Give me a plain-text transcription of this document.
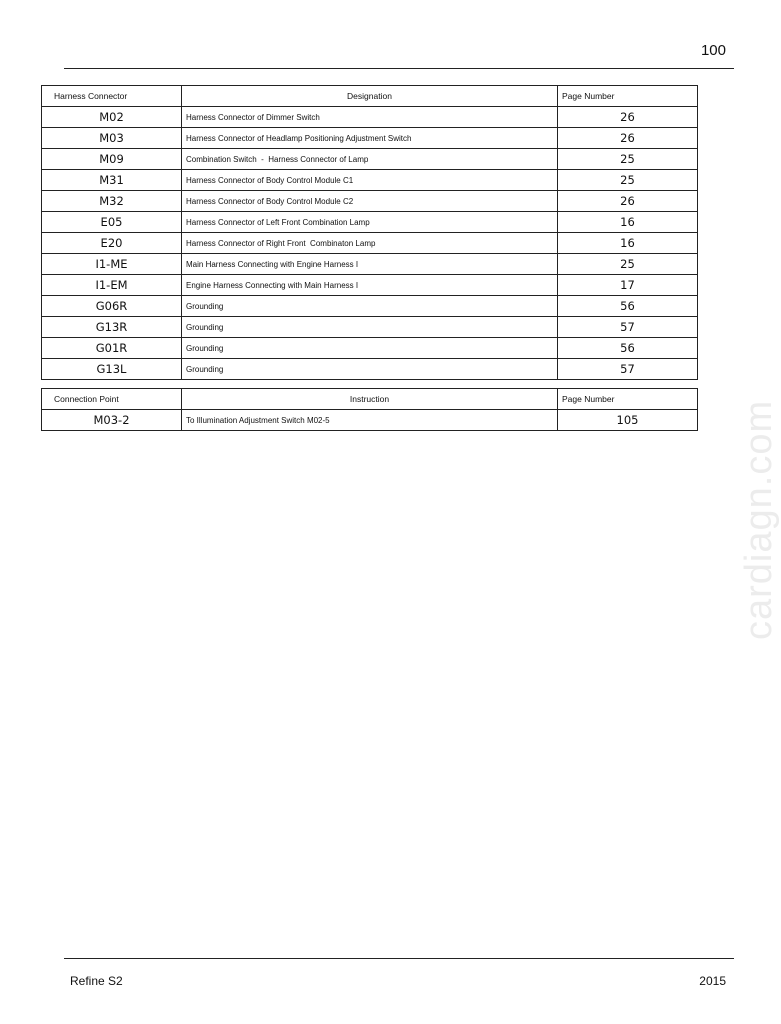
100
Harness Connector	Designation	Page Number
M02	Harness Connector of Dimmer Switch	26
M03	Harness Connector of Headlamp Positioning Adjustment Switch	26
M09	Combination Switch  -  Harness Connector of Lamp	25
M31	Harness Connector of Body Control Module C1	25
M32	Harness Connector of Body Control Module C2	26
E05	Harness Connector of Left Front Combination Lamp	16
E20	Harness Connector of Right Front  Combinaton Lamp	16
I1-ME	Main Harness Connecting with Engine Harness I	25
I1-EM	Engine Harness Connecting with Main Harness I	17
G06R	Grounding	56
G13R	Grounding	57
G01R	Grounding	56
G13L	Grounding	57
Connection Point	Instruction	Page Number
M03-2	To Illumination Adjustment Switch M02-5	105	cardiagn.com
Refine S2	2015
